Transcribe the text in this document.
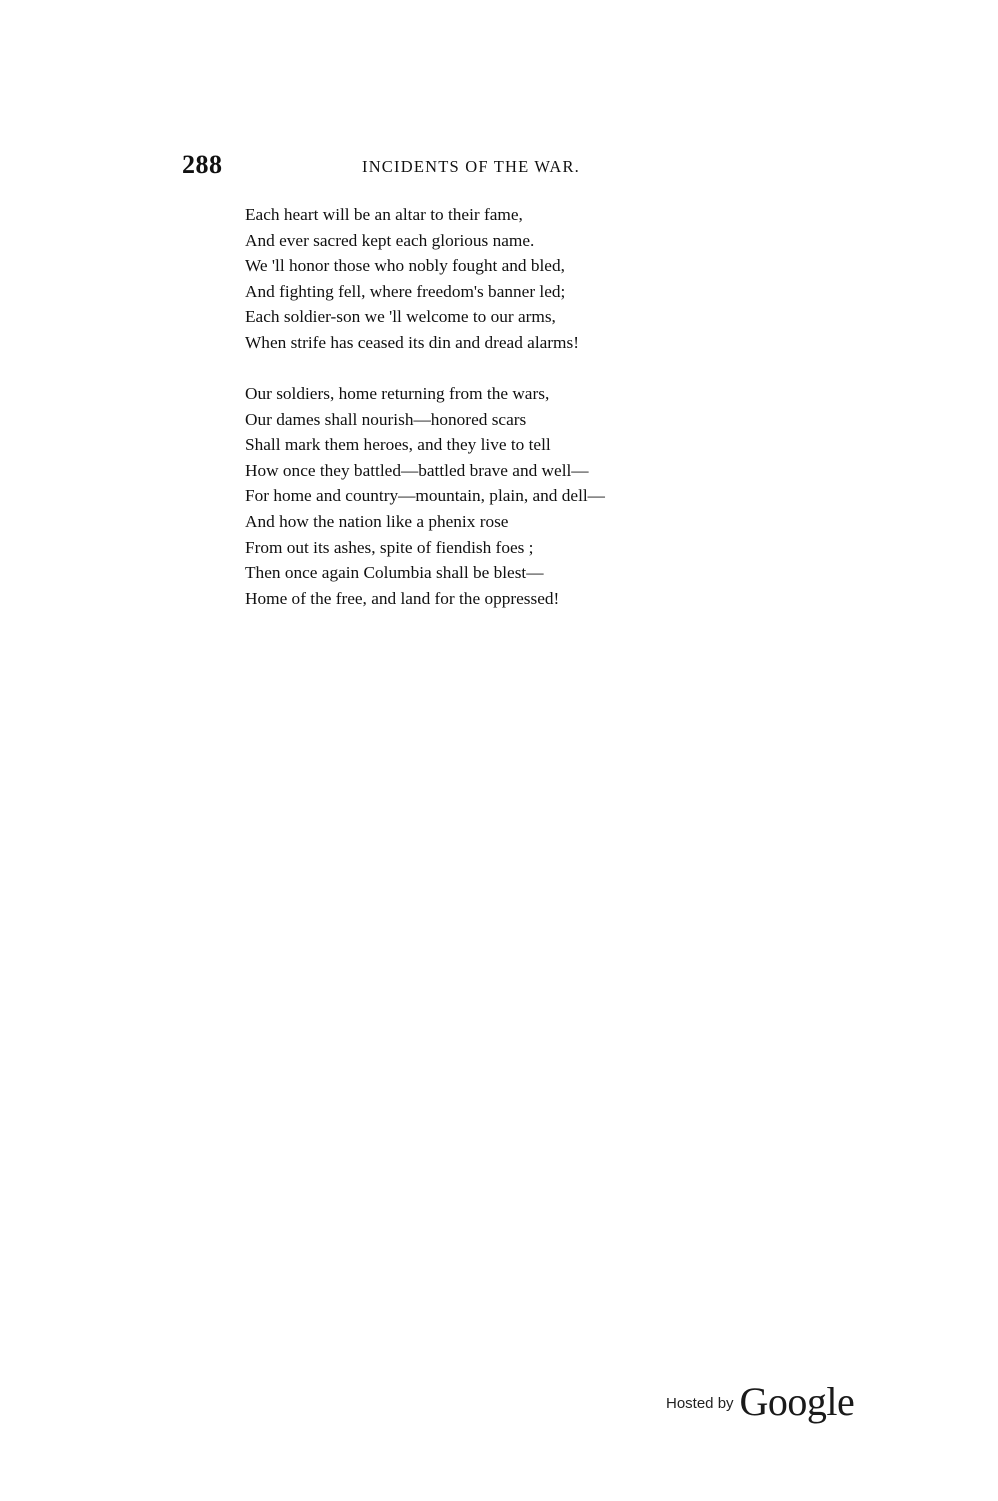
288	INCIDENTS OF THE WAR.
Each heart will be an altar to their fame,
And ever sacred kept each glorious name.
We 'll honor those who nobly fought and bled,
And fighting fell, where freedom's banner led;
Each soldier-son we 'll welcome to our arms,
When strife has ceased its din and dread alarms!
Our soldiers, home returning from the wars,
Our dames shall nourish—honored scars
Shall mark them heroes, and they live to tell
How once they battled—battled brave and well—
For home and country—mountain, plain, and dell—
And how the nation like a phenix rose
From out its ashes, spite of fiendish foes ;
Then once again Columbia shall be blest—
Home of the free, and land for the oppressed!
Hosted by Google
